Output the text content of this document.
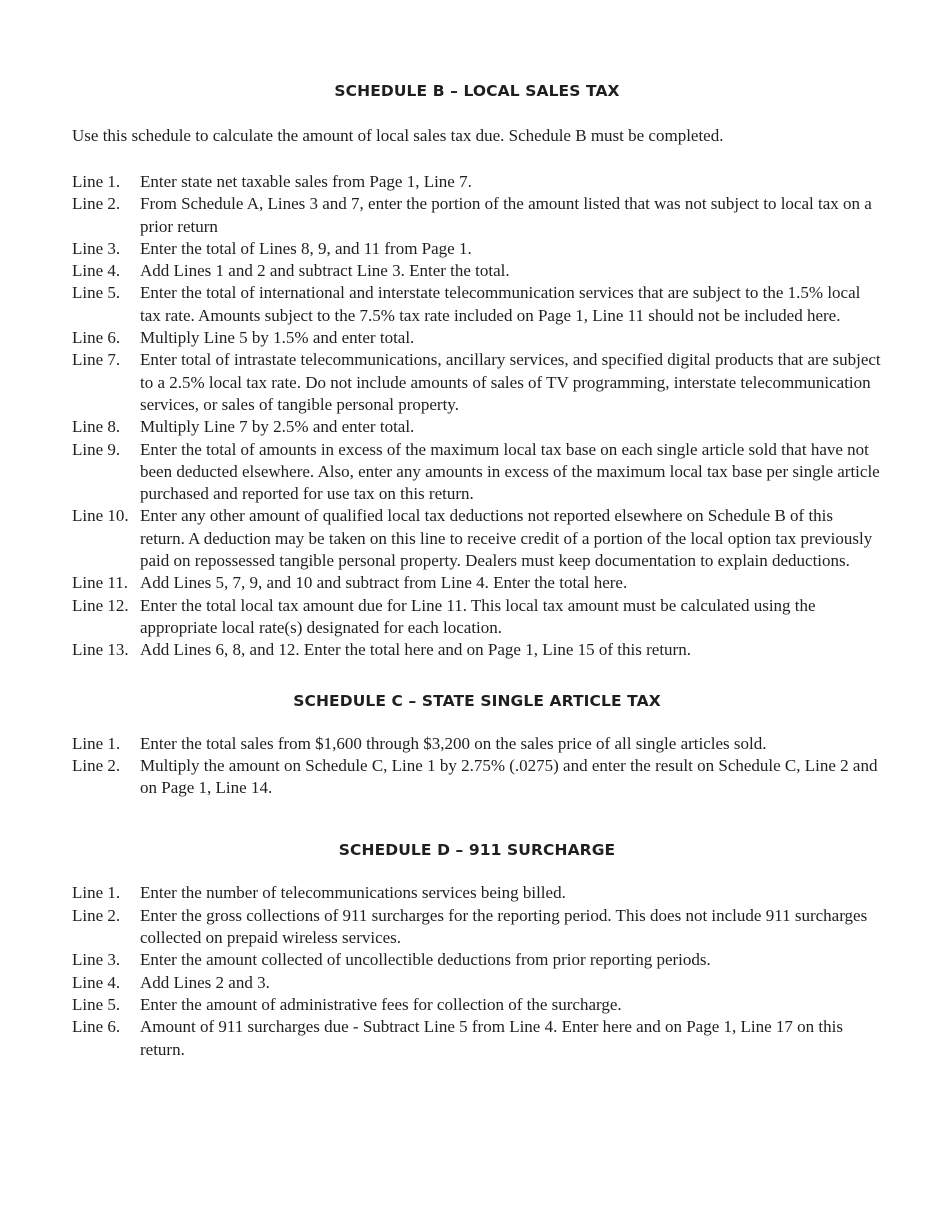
SCHEDULE B – LOCAL SALES TAX

Use this schedule to calculate the amount of local sales tax due. Schedule B must be completed.

Line 1.	Enter state net taxable sales from Page 1, Line 7.
Line 2.	From Schedule A, Lines 3 and 7, enter the portion of the amount listed that was not subject to local tax on a prior return
Line 3.	Enter the total of Lines 8, 9, and 11 from Page 1.
Line 4.	Add Lines 1 and 2 and subtract Line 3. Enter the total.
Line 5.	Enter the total of international and interstate telecommunication services that are subject to the 1.5% local tax rate. Amounts subject to the 7.5% tax rate included on Page 1, Line 11 should not be included here.
Line 6.	Multiply Line 5 by 1.5% and enter total.
Line 7.	Enter total of intrastate telecommunications, ancillary services, and specified digital products that are subject to a 2.5% local tax rate. Do not include amounts of sales of TV programming, interstate telecommunication services, or sales of tangible personal property.
Line 8.	Multiply Line 7 by 2.5% and enter total.
Line 9.	Enter the total of amounts in excess of the maximum local tax base on each single article sold that have not been deducted elsewhere. Also, enter any amounts in excess of the maximum local tax base per single article purchased and reported for use tax on this return.
Line 10. Enter any other amount of qualified local tax deductions not reported elsewhere on Schedule B of this return. A deduction may be taken on this line to receive credit of a portion of the local option tax previously paid on repossessed tangible personal property. Dealers must keep documentation to explain deductions.
Line 11. Add Lines 5, 7, 9, and 10 and subtract from Line 4. Enter the total here.
Line 12. Enter the total local tax amount due for Line 11. This local tax amount must be calculated using the appropriate local rate(s) designated for each location.
Line 13. Add Lines 6, 8, and 12. Enter the total here and on Page 1, Line 15 of this return.
SCHEDULE C – STATE SINGLE ARTICLE TAX
Line 1.	Enter the total sales from $1,600 through $3,200 on the sales price of all single articles sold.
Line 2.	Multiply the amount on Schedule C, Line 1 by 2.75% (.0275) and enter the result on Schedule C, Line 2 and on Page 1, Line 14.
SCHEDULE D – 911 SURCHARGE
Line 1.	Enter the number of telecommunications services being billed.
Line 2.	Enter the gross collections of 911 surcharges for the reporting period. This does not include 911 surcharges collected on prepaid wireless services.
Line 3.	Enter the amount collected of uncollectible deductions from prior reporting periods.
Line 4.	Add Lines 2 and 3.
Line 5.	Enter the amount of administrative fees for collection of the surcharge.
Line 6.	Amount of 911 surcharges due - Subtract Line 5 from Line 4. Enter here and on Page 1, Line 17 on this return.
